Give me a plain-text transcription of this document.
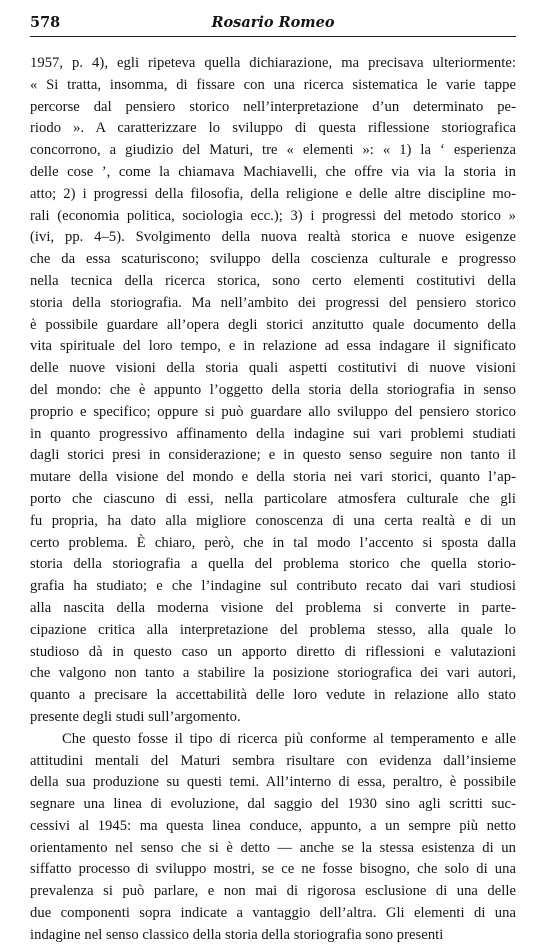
578	Rosario Romeo
1957, p. 4), egli ripeteva quella dichiarazione, ma precisava ulteriormente:
« Si tratta, insomma, di fissare con una ricerca sistematica le varie tappe
percorse dal pensiero storico nell’interpretazione d’un determinato pe-
riodo ». A caratterizzare lo sviluppo di questa riflessione storiografica
concorrono, a giudizio del Maturi, tre « elementi »: « 1) la ‘ esperienza
delle cose ’, come la chiamava Machiavelli, che offre via via la storia in
atto; 2) i progressi della filosofia, della religione e delle altre discipline mo-
rali (economia politica, sociologia ecc.); 3) i progressi del metodo storico »
(ivi, pp. 4–5). Svolgimento della nuova realtà storica e nuove esigenze
che da essa scaturiscono; sviluppo della coscienza culturale e progresso
nella tecnica della ricerca storica, sono certo elementi costitutivi della
storia della storiografia. Ma nell’ambito dei progressi del pensiero storico
è possibile guardare all’opera degli storici anzitutto quale documento della
vita spirituale del loro tempo, e in relazione ad essa indagare il significato
delle nuove visioni della storia quali aspetti costitutivi di nuove visioni
del mondo: che è appunto l’oggetto della storia della storiografia in senso
proprio e specifico; oppure si può guardare allo sviluppo del pensiero storico
in quanto progressivo affinamento della indagine sui vari problemi studiati
dagli storici presi in considerazione; e in questo senso seguire non tanto il
mutare della visione del mondo e della storia nei vari storici, quanto l’ap-
porto che ciascuno di essi, nella particolare atmosfera culturale che gli
fu propria, ha dato alla migliore conoscenza di una certa realtà e di un
certo problema. È chiaro, però, che in tal modo l’accento si sposta dalla
storia della storiografia a quella del problema storico che quella storio-
grafia ha studiato; e che l’indagine sul contributo recato dai vari studiosi
alla nascita della moderna visione del problema si converte in parte-
cipazione critica alla interpretazione del problema stesso, alla quale lo
studioso dà in questo caso un apporto diretto di riflessioni e valutazioni
che valgono non tanto a stabilire la posizione storiografica dei vari autori,
quanto a precisare la accettabilità delle loro vedute in relazione allo stato
presente degli studi sull’argomento.
Che questo fosse il tipo di ricerca più conforme al temperamento e alle
attitudini mentali del Maturi sembra risultare con evidenza dall’insieme
della sua produzione su questi temi. All’interno di essa, peraltro, è possibile
segnare una linea di evoluzione, dal saggio del 1930 sino agli scritti suc-
cessivi al 1945: ma questa linea conduce, appunto, a un sempre più netto
orientamento nel senso che si è detto — anche se la stessa esistenza di un
siffatto processo di sviluppo mostri, se ce ne fosse bisogno, che solo di una
prevalenza si può parlare, e non mai di rigorosa esclusione di una delle
due componenti sopra indicate a vantaggio dell’altra. Gli elementi di una
indagine nel senso classico della storia della storiografia sono presenti
